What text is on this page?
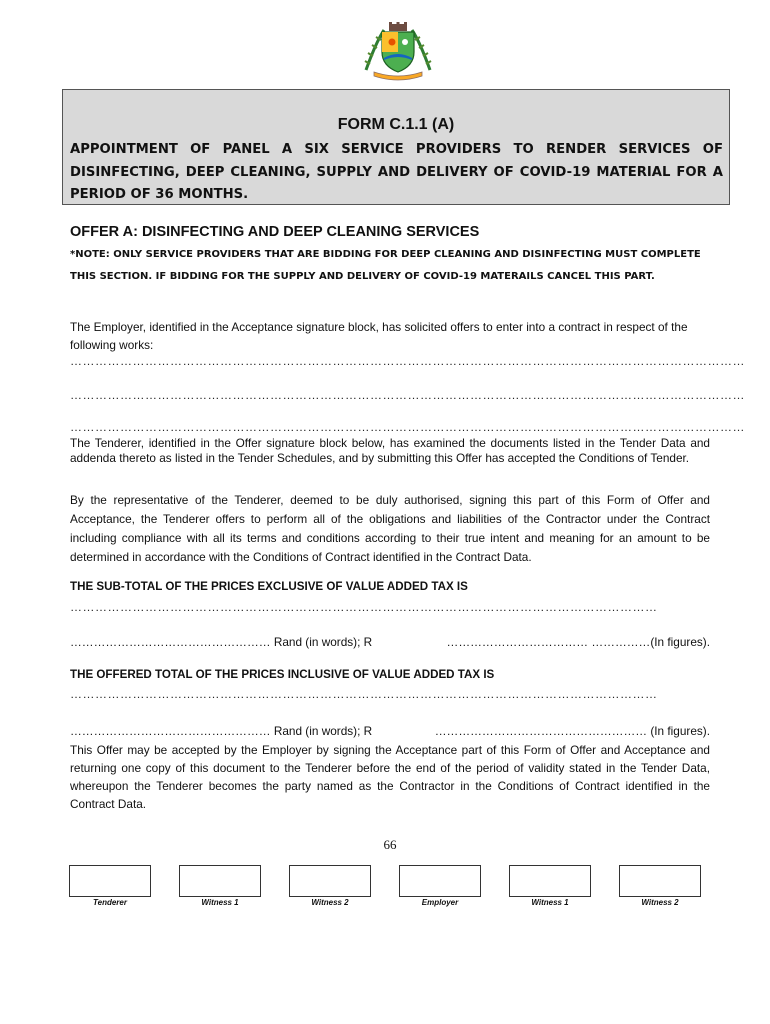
FORM C.1.1 (A)
APPOINTMENT OF PANEL A SIX SERVICE PROVIDERS TO RENDER SERVICES OF DISINFECTING, DEEP CLEANING, SUPPLY AND DELIVERY OF COVID-19 MATERIAL FOR A PERIOD OF 36 MONTHS.
OFFER A: DISINFECTING AND DEEP CLEANING SERVICES
*NOTE: ONLY SERVICE PROVIDERS THAT ARE BIDDING FOR DEEP CLEANING AND DISINFECTING MUST COMPLETE THIS SECTION. IF BIDDING FOR THE SUPPLY AND DELIVERY OF COVID-19 MATERAILS CANCEL THIS PART.
The Employer, identified in the Acceptance signature block, has solicited offers to enter into a contract in respect of the following works:
………………………………………………………………………………………………………………………………………………
………………………………………………………………………………………………………………………………………………
………………………………………………………………………………………………………………………………………………
The Tenderer, identified in the Offer signature block below, has examined the documents listed in the Tender Data and addenda thereto as listed in the Tender Schedules, and by submitting this Offer has accepted the Conditions of Tender.
By the representative of the Tenderer, deemed to be duly authorised, signing this part of this Form of Offer and Acceptance, the Tenderer offers to perform all of the obligations and liabilities of the Contractor under the Contract including compliance with all its terms and conditions according to their true intent and meaning for an amount to be determined in accordance with the Conditions of Contract identified in the Contract Data.
THE SUB-TOTAL OF THE PRICES EXCLUSIVE OF VALUE ADDED TAX IS
……………………………………………………………………………………………………………………………
…………………………………………… Rand (in words); R	……………………………… ……………(In figures).
THE OFFERED TOTAL OF THE PRICES INCLUSIVE OF VALUE ADDED TAX IS
……………………………………………………………………………………………………………………………
…………………………………………… Rand (in words); R	……………………………………………… (In figures).
This Offer may be accepted by the Employer by signing the Acceptance part of this Form of Offer and Acceptance and returning one copy of this document to the Tenderer before the end of the period of validity stated in the Tender Data, whereupon the Tenderer becomes the party named as the Contractor in the Conditions of Contract identified in the Contract Data.
66
Tenderer	Witness 1	Witness 2	Employer	Witness 1	Witness 2
